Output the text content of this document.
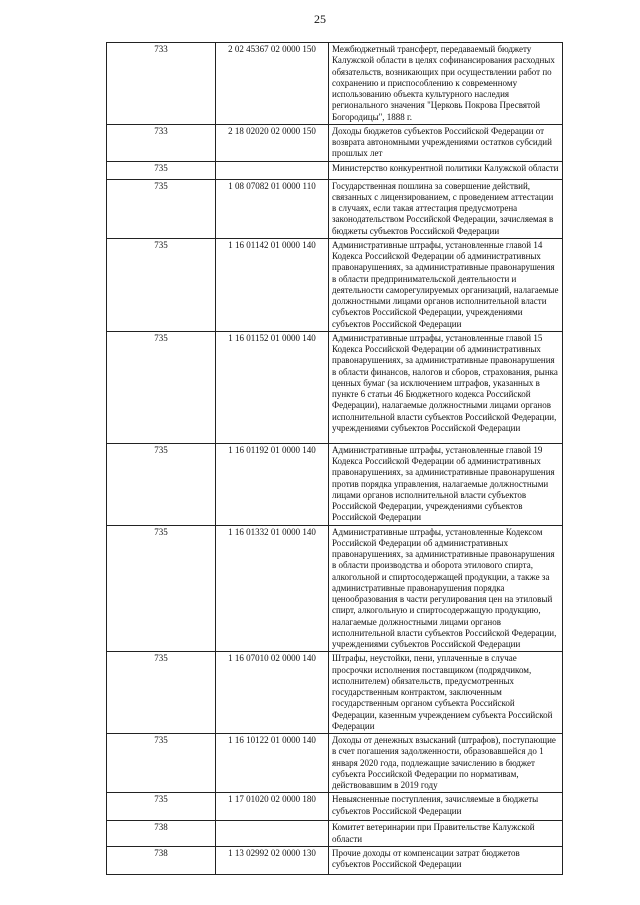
25
733	2 02 45367 02 0000 150	Межбюджетный трансферт, передаваемый бюджету Калужской области в целях софинансирования расходных обязательств, возникающих при осуществлении работ по сохранению и приспособлению к современному использованию объекта культурного наследия регионального значения "Церковь Покрова Пресвятой Богородицы", 1888 г.
733	2 18 02020 02 0000 150	Доходы бюджетов субъектов Российской Федерации от возврата автономными учреждениями остатков субсидий прошлых лет
735		Министерство конкурентной политики Калужской области
735	1 08 07082 01 0000 110	Государственная пошлина за совершение действий, связанных с лицензированием, с проведением аттестации в случаях, если такая аттестация предусмотрена законодательством Российской Федерации, зачисляемая в бюджеты субъектов Российской Федерации
735	1 16 01142 01 0000 140	Административные штрафы, установленные главой 14 Кодекса Российской Федерации об административных правонарушениях, за административные правонарушения в области предпринимательской деятельности и деятельности саморегулируемых организаций, налагаемые должностными лицами органов исполнительной власти субъектов Российской Федерации, учреждениями субъектов Российской Федерации
735	1 16 01152 01 0000 140	Административные штрафы, установленные главой 15 Кодекса Российской Федерации об административных правонарушениях, за административные правонарушения в области финансов, налогов и сборов, страхования, рынка ценных бумаг (за исключением штрафов, указанных в пункте 6 статьи 46 Бюджетного кодекса Российской Федерации), налагаемые должностными лицами органов исполнительной власти субъектов Российской Федерации, учреждениями субъектов Российской Федерации
735	1 16 01192 01 0000 140	Административные штрафы, установленные главой 19 Кодекса Российской Федерации об административных правонарушениях, за административные правонарушения против порядка управления, налагаемые должностными лицами органов исполнительной власти субъектов Российской Федерации, учреждениями субъектов Российской Федерации
735	1 16 01332 01 0000 140	Административные штрафы, установленные Кодексом Российской Федерации об административных правонарушениях, за административные правонарушения в области производства и оборота этилового спирта, алкогольной и спиртосодержащей продукции, а также за административные правонарушения порядка ценообразования в части регулирования цен на этиловый спирт, алкогольную и спиртосодержащую продукцию, налагаемые должностными лицами органов исполнительной власти субъектов Российской Федерации, учреждениями субъектов Российской Федерации
735	1 16 07010 02 0000 140	Штрафы, неустойки, пени, уплаченные в случае просрочки исполнения поставщиком (подрядчиком, исполнителем) обязательств, предусмотренных государственным контрактом, заключенным государственным органом субъекта Российской Федерации, казенным учреждением субъекта Российской Федерации
735	1 16 10122 01 0000 140	Доходы от денежных взысканий (штрафов), поступающие в счет погашения задолженности, образовавшейся до 1 января 2020 года, подлежащие зачислению в бюджет субъекта Российской Федерации по нормативам, действовавшим в 2019 году
735	1 17 01020 02 0000 180	Невыясненные поступления, зачисляемые в бюджеты субъектов Российской Федерации
738		Комитет ветеринарии при Правительстве Калужской области
738	1 13 02992 02 0000 130	Прочие доходы от компенсации затрат бюджетов субъектов Российской Федерации
